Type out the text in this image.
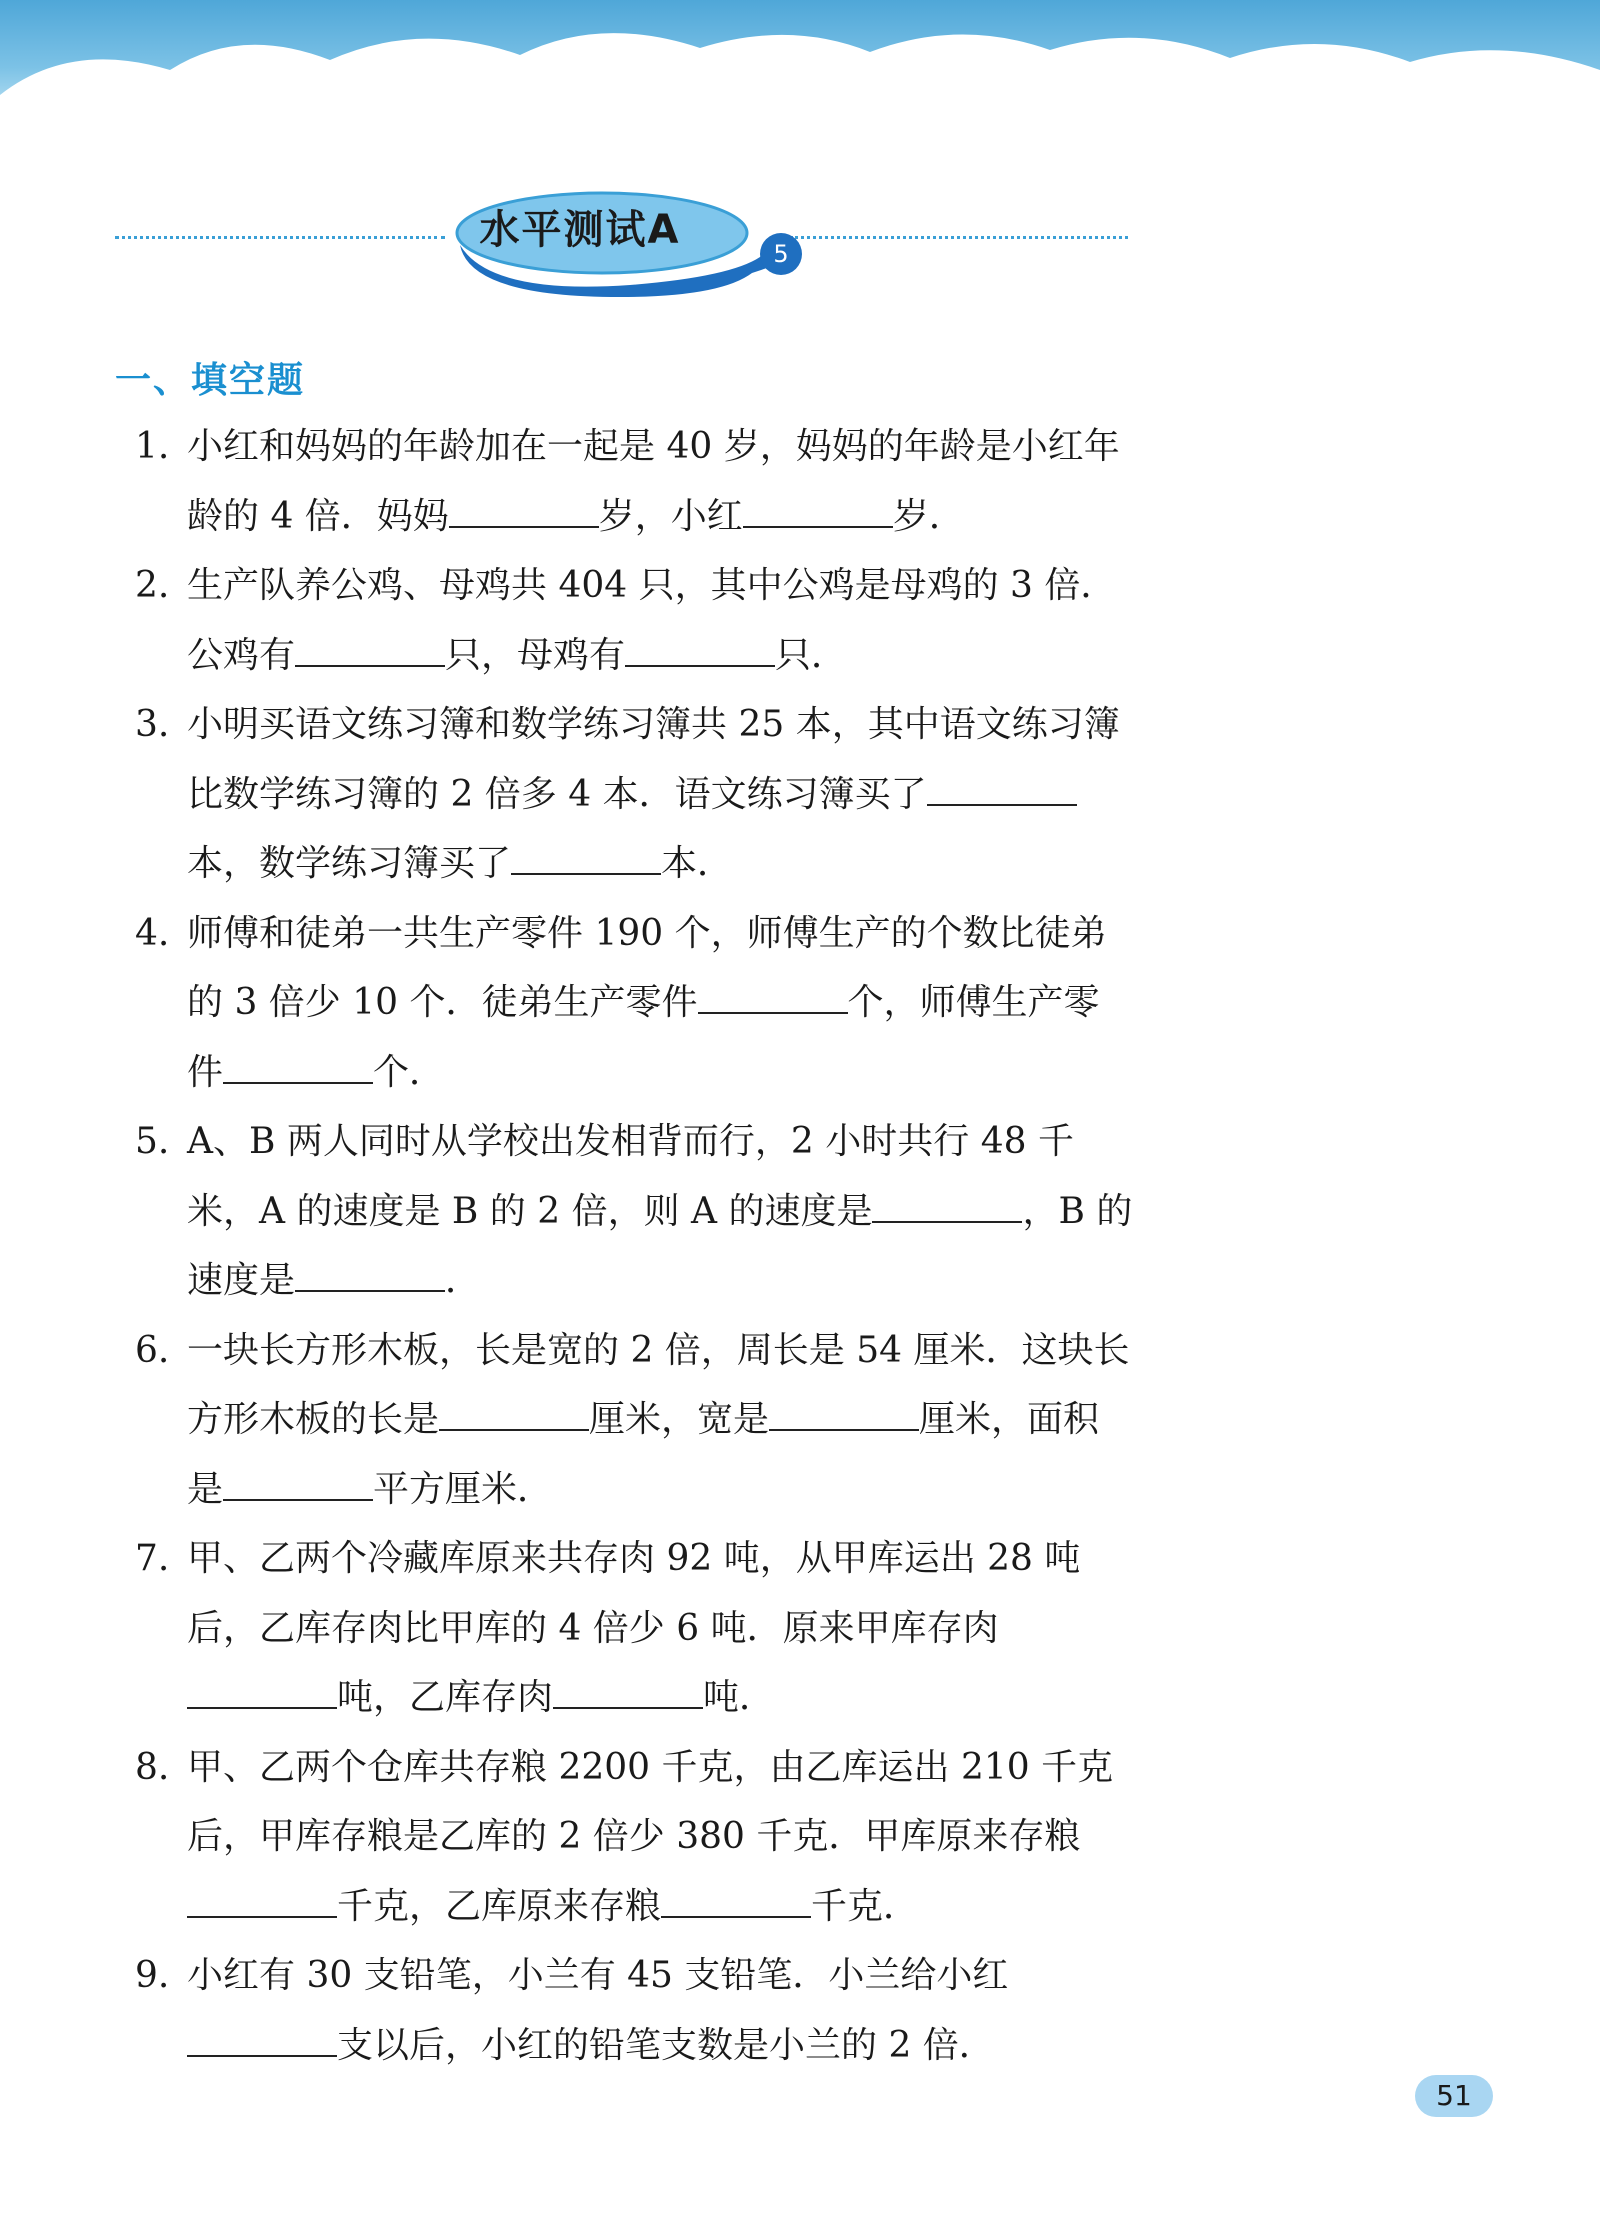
水平测试A
5
一、填空题
1. 小红和妈妈的年龄加在一起是 40 岁，妈妈的年龄是小红年龄的 4 倍．妈妈	岁，小红	岁．
2. 生产队养公鸡、母鸡共 404 只，其中公鸡是母鸡的 3 倍．公鸡有	只，母鸡有	只．
3. 小明买语文练习簿和数学练习簿共 25 本，其中语文练习簿比数学练习簿的 2 倍多 4 本．语文练习簿买了本，数学练习簿买了	本．
4. 师傅和徒弟一共生产零件 190 个，师傅生产的个数比徒弟的 3 倍少 10 个．徒弟生产零件	个，师傅生产零件	个．
5. A、B 两人同时从学校出发相背而行，2 小时共行 48 千米，A 的速度是 B 的 2 倍，则 A 的速度是	，B 的速度是	．
6. 一块长方形木板，长是宽的 2 倍，周长是 54 厘米．这块长方形木板的长是	厘米，宽是	厘米，面积是	平方厘米．
7. 甲、乙两个冷藏库原来共存肉 92 吨，从甲库运出 28 吨后，乙库存肉比甲库的 4 倍少 6 吨．原来甲库存肉吨，乙库存肉	吨．
8. 甲、乙两个仓库共存粮 2200 千克，由乙库运出 210 千克后，甲库存粮是乙库的 2 倍少 380 千克．甲库原来存粮千克，乙库原来存粮	千克．
9. 小红有 30 支铅笔，小兰有 45 支铅笔．小兰给小红支以后，小红的铅笔支数是小兰的 2 倍．
51
